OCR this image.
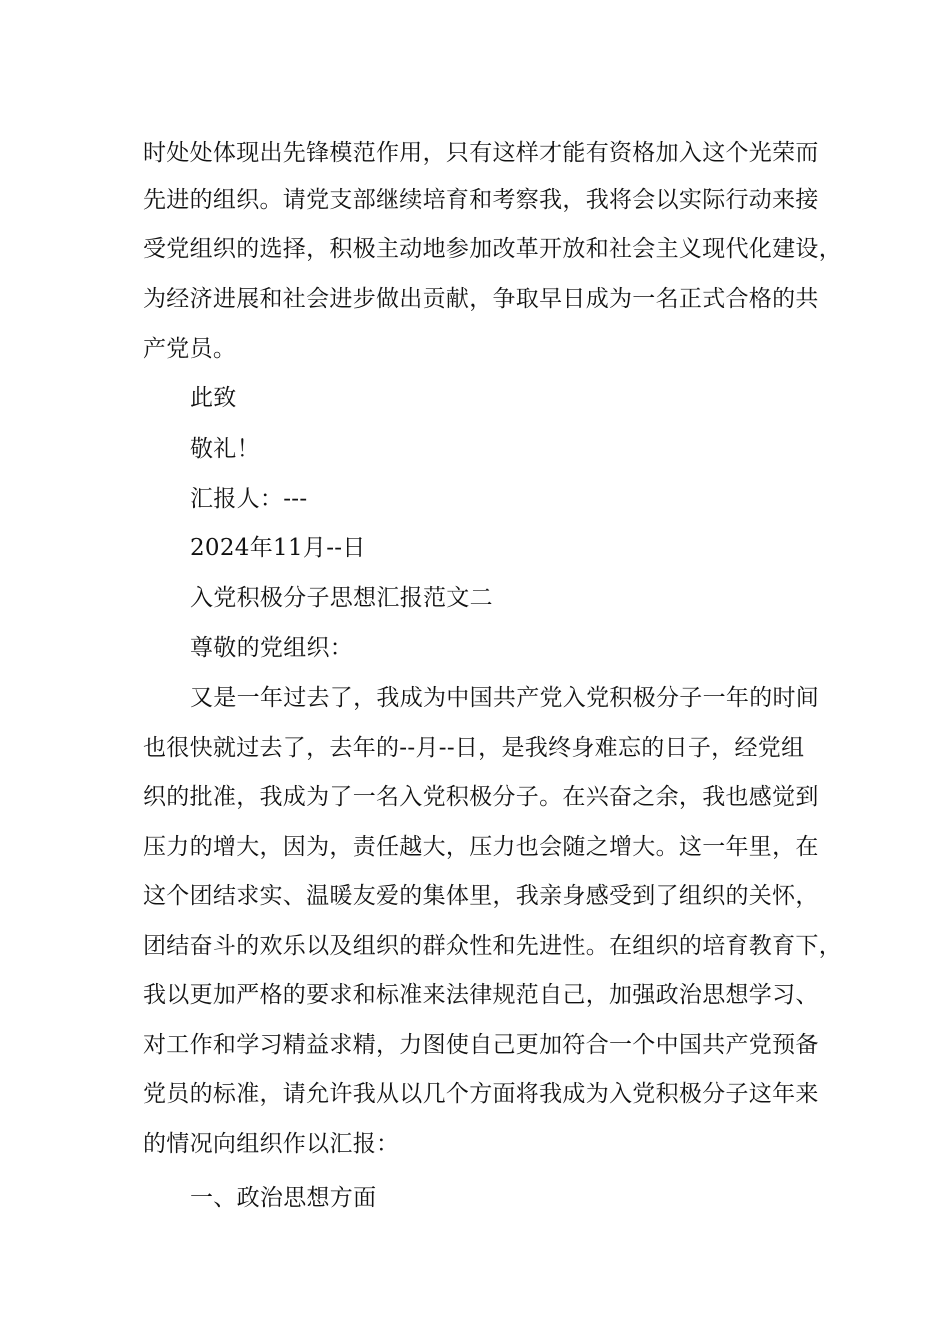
时处处体现出先锋模范作用，只有这样才能有资格加入这个光荣而
先进的组织。请党支部继续培育和考察我，我将会以实际行动来接
受党组织的选择，积极主动地参加改革开放和社会主义现代化建设，
为经济进展和社会进步做出贡献，争取早日成为一名正式合格的共
产党员。
此致
敬礼！
汇报人：---
2024年11月--日
入党积极分子思想汇报范文二
尊敬的党组织：
又是一年过去了，我成为中国共产党入党积极分子一年的时间
也很快就过去了，去年的--月--日，是我终身难忘的日子，经党组
织的批准，我成为了一名入党积极分子。在兴奋之余，我也感觉到
压力的增大，因为，责任越大，压力也会随之增大。这一年里，在
这个团结求实、温暖友爱的集体里，我亲身感受到了组织的关怀，
团结奋斗的欢乐以及组织的群众性和先进性。在组织的培育教育下，
我以更加严格的要求和标准来法律规范自己，加强政治思想学习、
对工作和学习精益求精，力图使自己更加符合一个中国共产党预备
党员的标准，请允许我从以几个方面将我成为入党积极分子这年来
的情况向组织作以汇报：
一、政治思想方面
